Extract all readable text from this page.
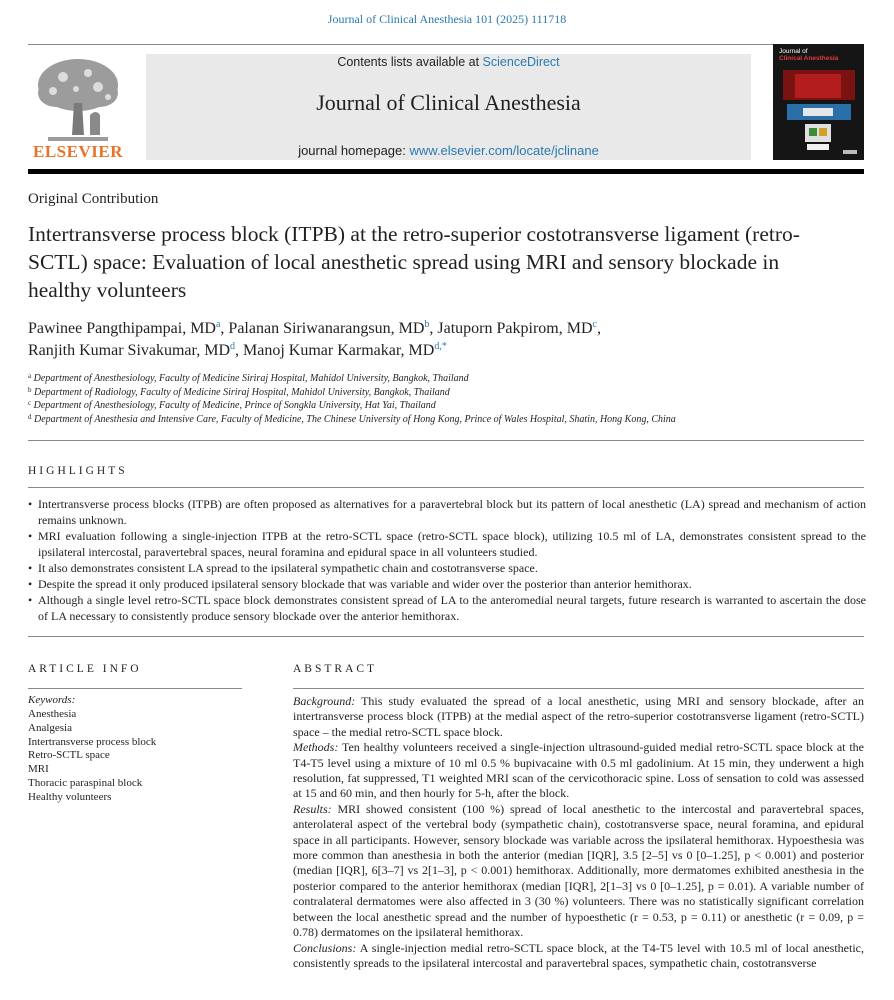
Journal of Clinical Anesthesia 101 (2025) 111718
ELSEVIER
Contents lists available at ScienceDirect
Journal of Clinical Anesthesia
journal homepage: www.elsevier.com/locate/jclinane
Journal of
Clinical Anesthesia
Original Contribution
Intertransverse process block (ITPB) at the retro-superior costotransverse ligament (retro-SCTL) space: Evaluation of local anesthetic spread using MRI and sensory blockade in healthy volunteers
Pawinee Pangthipampai, $MD^a$, Palanan Siriwanarangsun, $MD^b$, Jatuporn Pakpirom, $MD^c$,
Ranjith Kumar Sivakumar, $MD^d$, Manoj Kumar Karmakar, $MD^{d,*}$
$^a$ Department of Anesthesiology, Faculty of Medicine Siriraj Hospital, Mahidol University, Bangkok, Thailand
$^b$ Department of Radiology, Faculty of Medicine Siriraj Hospital, Mahidol University, Bangkok, Thailand
$^c$ Department of Anesthesiology, Faculty of Medicine, Prince of Songkla University, Hat Yai, Thailand
$^d$ Department of Anesthesia and Intensive Care, Faculty of Medicine, The Chinese University of Hong Kong, Prince of Wales Hospital, Shatin, Hong Kong, China
HIGHLIGHTS
• Intertransverse process blocks (ITPB) are often proposed as alternatives for a paravertebral block but its pattern of local anesthetic (LA) spread and mechanism of action remains unknown.
• MRI evaluation following a single-injection ITPB at the retro-SCTL space (retro-SCTL space block), utilizing 10.5 ml of LA, demonstrates consistent spread to the ipsilateral intercostal, paravertebral spaces, neural foramina and epidural space in all volunteers studied.
• It also demonstrates consistent LA spread to the ipsilateral sympathetic chain and costotransverse space.
• Despite the spread it only produced ipsilateral sensory blockade that was variable and wider over the posterior than anterior hemithorax.
• Although a single level retro-SCTL space block demonstrates consistent spread of LA to the anteromedial neural targets, future research is warranted to ascertain the dose of LA necessary to consistently produce sensory blockade over the anterior hemithorax.
ARTICLE INFO
Keywords:
Anesthesia
Analgesia
Intertransverse process block
Retro-SCTL space
MRI
Thoracic paraspinal block
Healthy volunteers
ABSTRACT

Background: This study evaluated the spread of a local anesthetic, using MRI and sensory blockade, after an intertransverse process block (ITPB) at the medial aspect of the retro-superior costotransverse ligament (retro-SCTL) space – the medial retro-SCTL space block.

Methods: Ten healthy volunteers received a single-injection ultrasound-guided medial retro-SCTL space block at the T4-T5 level using a mixture of 10 ml 0.5 % bupivacaine with 0.5 ml gadolinium. At 15 min, they underwent a high resolution, fat suppressed, T1 weighted MRI scan of the cervicothoracic spine. Loss of sensation to cold was assessed at 15 and 60 min, and then hourly for 5-h, after the block.

Results: MRI showed consistent (100 %) spread of local anesthetic to the intercostal and paravertebral spaces, anterolateral aspect of the vertebral body (sympathetic chain), costotransverse space, neural foramina, and epidural space in all participants. However, sensory blockade was variable across the ipsilateral hemithorax. Hypoesthesia was more common than anesthesia in both the anterior (median [IQR], 3.5 [2–5] vs 0 [0–1.25], p < 0.001) and posterior (median [IQR], 6[3–7] vs 2[1–3], p < 0.001) hemithorax. Additionally, more dermatomes exhibited anesthesia in the posterior compared to the anterior hemithorax (median [IQR], 2[1–3] vs 0 [0–1.25], p = 0.01). A variable number of contralateral dermatomes were also affected in 3 (30 %) volunteers. There was no statistically significant correlation between the local anesthetic spread and the number of hypoesthetic (r = 0.53, p = 0.11) or anesthetic (r = 0.09, p = 0.78) dermatomes on the ipsilateral hemithorax.

Conclusions: A single-injection medial retro-SCTL space block, at the T4-T5 level with 10.5 ml of local anesthetic, consistently spreads to the ipsilateral intercostal and paravertebral spaces, sympathetic chain, costotransverse
